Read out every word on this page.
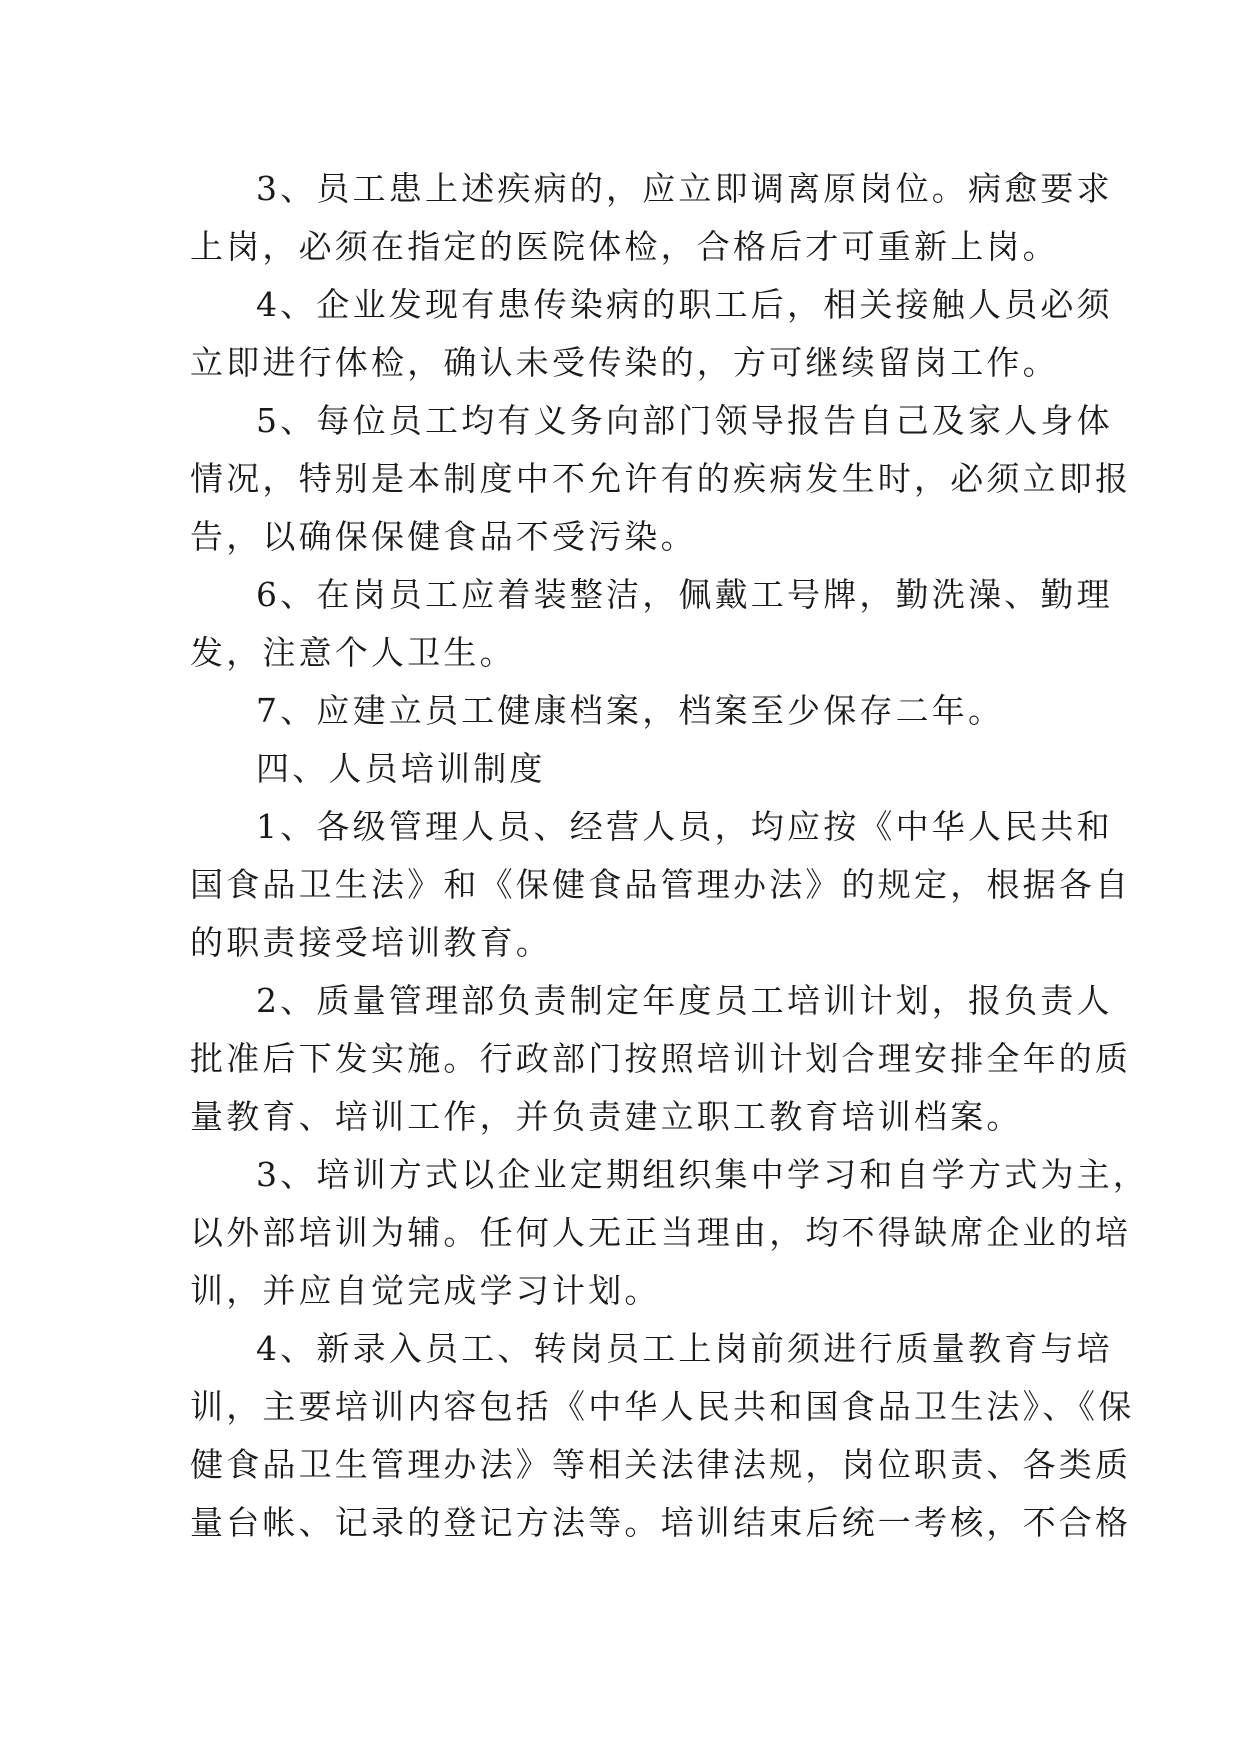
3、员工患上述疾病的，应立即调离原岗位。病愈要求
上岗，必须在指定的医院体检，合格后才可重新上岗。

4、企业发现有患传染病的职工后，相关接触人员必须
立即进行体检，确认未受传染的，方可继续留岗工作。

5、每位员工均有义务向部门领导报告自己及家人身体
情况，特别是本制度中不允许有的疾病发生时，必须立即报
告，以确保保健食品不受污染。

6、在岗员工应着装整洁，佩戴工号牌，勤洗澡、勤理
发，注意个人卫生。

7、应建立员工健康档案，档案至少保存二年。

四、人员培训制度

1、各级管理人员、经营人员，均应按《中华人民共和
国食品卫生法》和《保健食品管理办法》的规定，根据各自
的职责接受培训教育。

2、质量管理部负责制定年度员工培训计划，报负责人
批准后下发实施。行政部门按照培训计划合理安排全年的质
量教育、培训工作，并负责建立职工教育培训档案。

3、培训方式以企业定期组织集中学习和自学方式为主，
以外部培训为辅。任何人无正当理由，均不得缺席企业的培
训，并应自觉完成学习计划。

4、新录入员工、转岗员工上岗前须进行质量教育与培
训，主要培训内容包括《中华人民共和国食品卫生法》、《保
健食品卫生管理办法》等相关法律法规，岗位职责、各类质
量台帐、记录的登记方法等。培训结束后统一考核，不合格
